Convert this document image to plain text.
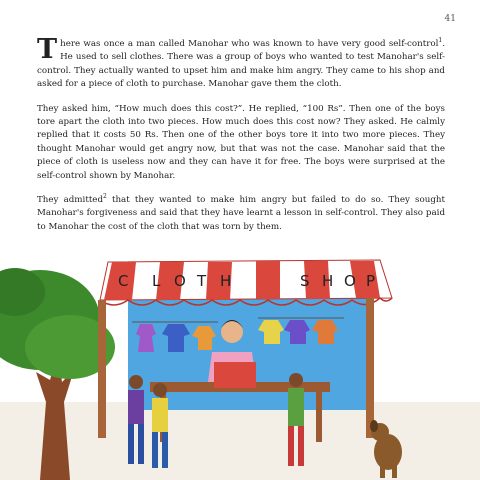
41

There was once a man called Manohar who was known to have very good self-control$^1$. He used to sell clothes. There was a group of boys who wanted to test Manohar's self-control. They actually wanted to upset him and make him angry. They came to his shop and asked for a piece of cloth to purchase. Manohar gave them the cloth.

They asked him, “How much does this cost?”. He replied, “100 Rs”. Then one of the boys tore apart the cloth into two pieces. How much does this cost now? They asked. He calmly replied that it costs 50 Rs. Then one of the other boys tore it into two more pieces. They thought Manohar would get angry now, but that was not the case. Manohar said that the piece of cloth is useless now and they can have it for free. The boys were surprised at the self-control shown by Manohar.

They admitted$^2$ that they wanted to make him angry but failed to do so. They sought Manohar's forgiveness and said that they have learnt a lesson in self-control. They also paid to Manohar the cost of the cloth that was torn by them.

C L O T H	S H O P
